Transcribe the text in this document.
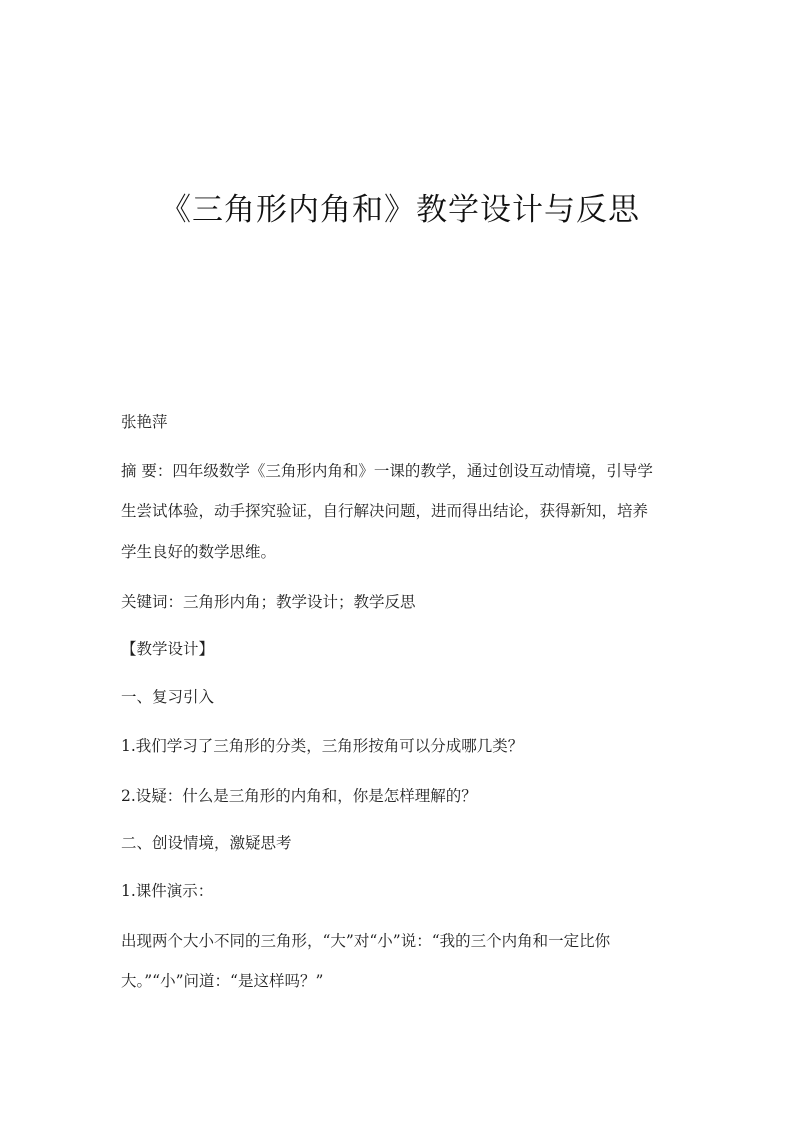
《三角形内角和》教学设计与反思
张艳萍
摘 要：四年级数学《三角形内角和》一课的教学，通过创设互动情境，引导学
生尝试体验，动手探究验证，自行解决问题，进而得出结论，获得新知，培养
学生良好的数学思维。
关键词：三角形内角；教学设计；教学反思
【教学设计】
一、复习引入
1.我们学习了三角形的分类，三角形按角可以分成哪几类？
2.设疑：什么是三角形的内角和，你是怎样理解的？
二、创设情境，激疑思考
1.课件演示：
出现两个大小不同的三角形，“大”对“小”说：“我的三个内角和一定比你
大。”“小”问道：“是这样吗？”
